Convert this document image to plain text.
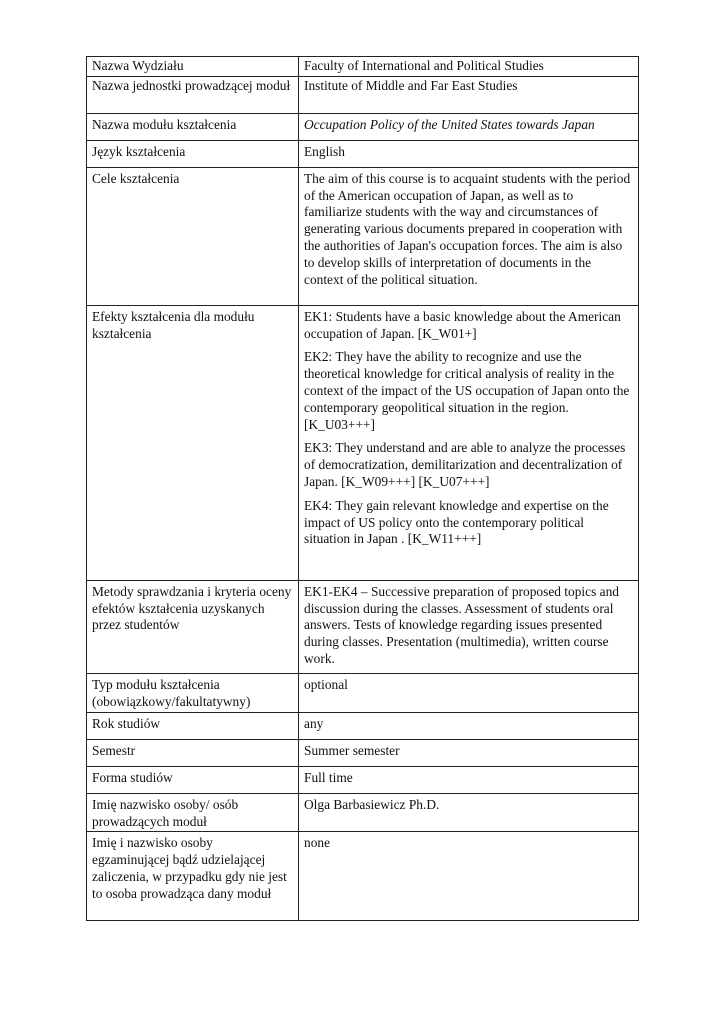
Nazwa Wydziału	Faculty of International and Political Studies
Nazwa jednostki prowadzącej moduł	Institute of Middle and Far East Studies
Nazwa modułu kształcenia	Occupation Policy of the United States towards Japan
Język kształcenia	English
Cele kształcenia	The aim of this course is to acquaint students with the period of the American occupation of Japan, as well as to familiarize students with the way and circumstances of generating various documents prepared in cooperation with the authorities of Japan's occupation forces. The aim is also to develop skills of interpretation of documents in the context of the political situation.
Efekty kształcenia dla modułu kształcenia	EK1: Students have a basic knowledge about the American occupation of Japan. [K_W01+]

EK2: They have the ability to recognize and use the theoretical knowledge for critical analysis of reality in the context of the impact of the US occupation of Japan onto the contemporary geopolitical situation in the region. [K_U03+++]

EK3: They understand and are able to analyze the processes of democratization, demilitarization and decentralization of Japan. [K_W09+++] [K_U07+++]

EK4: They gain relevant knowledge and expertise on the impact of US policy onto the contemporary political situation in Japan . [K_W11+++]

Metody sprawdzania i kryteria oceny efektów kształcenia uzyskanych przez studentów	EK1-EK4 – Successive preparation of proposed topics and discussion during the classes. Assessment of students oral answers. Tests of knowledge regarding issues presented during classes. Presentation (multimedia), written course work.
Typ modułu kształcenia (obowiązkowy/fakultatywny)	optional
Rok studiów	any
Semestr	Summer semester
Forma studiów	Full time
Imię nazwisko osoby/ osób prowadzących moduł	Olga Barbasiewicz Ph.D.
Imię i nazwisko osoby egzaminującej bądź udzielającej zaliczenia, w przypadku gdy nie jest to osoba prowadząca dany moduł	none
